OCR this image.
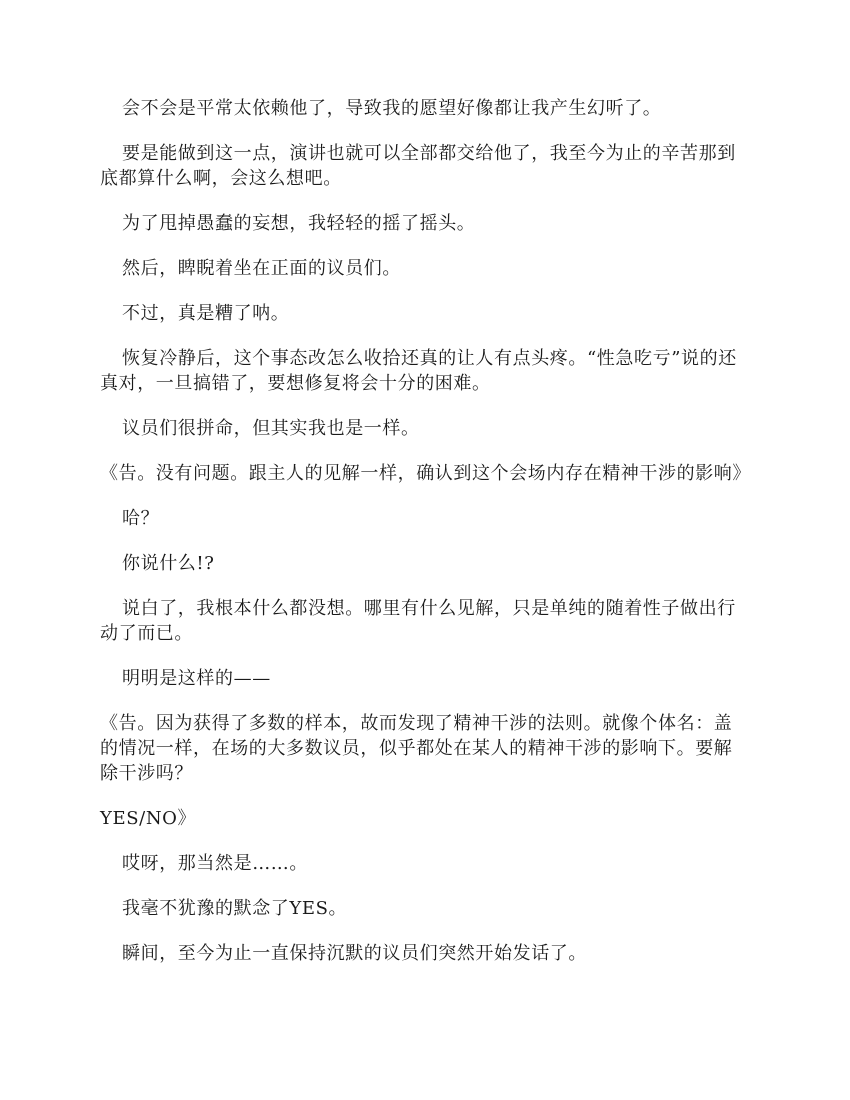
会不会是平常太依赖他了，导致我的愿望好像都让我产生幻听了。

要是能做到这一点，演讲也就可以全部都交给他了，我至今为止的辛苦那到底都算什么啊，会这么想吧。

为了甩掉愚蠢的妄想，我轻轻的摇了摇头。

然后，睥睨着坐在正面的议员们。

不过，真是糟了呐。

恢复冷静后，这个事态改怎么收拾还真的让人有点头疼。“性急吃亏”说的还真对，一旦搞错了，要想修复将会十分的困难。

议员们很拼命，但其实我也是一样。

《告。没有问题。跟主人的见解一样，确认到这个会场内存在精神干涉的影响》

哈？

你说什么!?

说白了，我根本什么都没想。哪里有什么见解，只是单纯的随着性子做出行动了而已。

明明是这样的——

《告。因为获得了多数的样本，故而发现了精神干涉的法则。就像个体名：盖的情况一样，在场的大多数议员，似乎都处在某人的精神干涉的影响下。要解除干涉吗？

YES/NO》

哎呀，那当然是……。

我毫不犹豫的默念了YES。

瞬间，至今为止一直保持沉默的议员们突然开始发话了。
